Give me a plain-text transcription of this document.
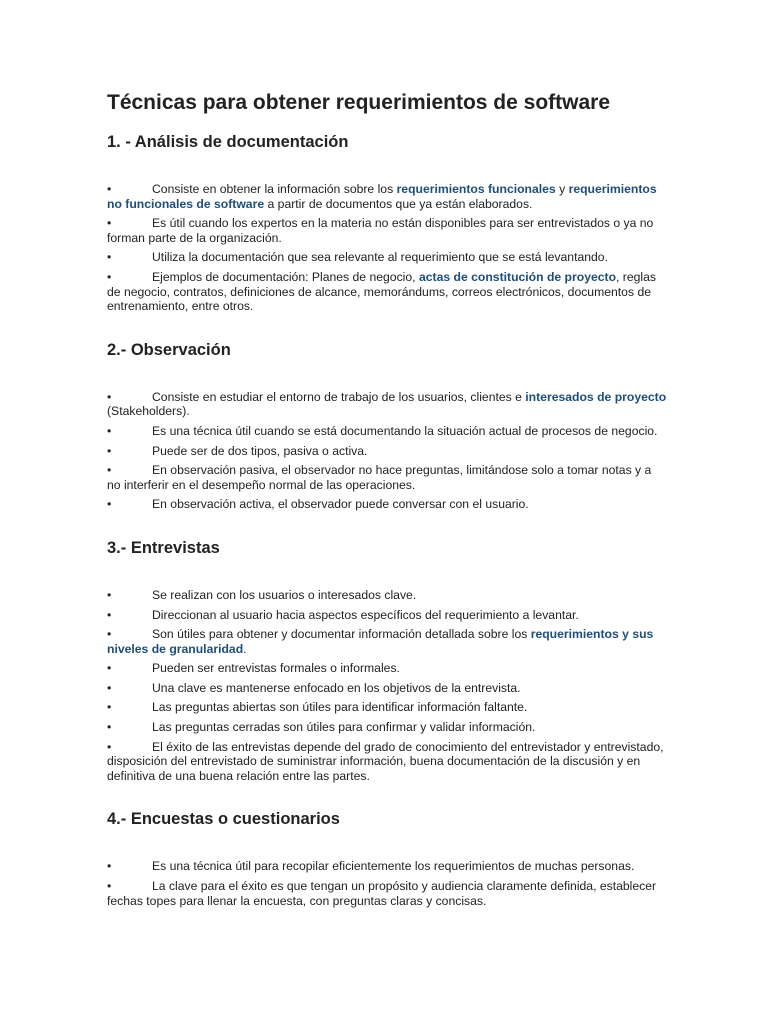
Técnicas para obtener requerimientos de software
1. - Análisis de documentación
•	Consiste en obtener la información sobre los requerimientos funcionales y requerimientos no funcionales de software a partir de documentos que ya están elaborados.
•	Es útil cuando los expertos en la materia no están disponibles para ser entrevistados o ya no forman parte de la organización.
•	Utiliza la documentación que sea relevante al requerimiento que se está levantando.
•	Ejemplos de documentación: Planes de negocio, actas de constitución de proyecto, reglas de negocio, contratos, definiciones de alcance, memorándums, correos electrónicos, documentos de entrenamiento, entre otros.
2.- Observación
•	Consiste en estudiar el entorno de trabajo de los usuarios, clientes e interesados de proyecto (Stakeholders).
•	Es una técnica útil cuando se está documentando la situación actual de procesos de negocio.
•	Puede ser de dos tipos, pasiva o activa.
•	En observación pasiva, el observador no hace preguntas, limitándose solo a tomar notas y a no interferir en el desempeño normal de las operaciones.
•	En observación activa, el observador puede conversar con el usuario.
3.- Entrevistas
•	Se realizan con los usuarios o interesados clave.
•	Direccionan al usuario hacia aspectos específicos del requerimiento a levantar.
•	Son útiles para obtener y documentar información detallada sobre los requerimientos y sus niveles de granularidad.
•	Pueden ser entrevistas formales o informales.
•	Una clave es mantenerse enfocado en los objetivos de la entrevista.
•	Las preguntas abiertas son útiles para identificar información faltante.
•	Las preguntas cerradas son útiles para confirmar y validar información.
•	El éxito de las entrevistas depende del grado de conocimiento del entrevistador y entrevistado, disposición del entrevistado de suministrar información, buena documentación de la discusión y en definitiva de una buena relación entre las partes.
4.- Encuestas o cuestionarios
•	Es una técnica útil para recopilar eficientemente los requerimientos de muchas personas.
•	La clave para el éxito es que tengan un propósito y audiencia claramente definida, establecer fechas topes para llenar la encuesta, con preguntas claras y concisas.
